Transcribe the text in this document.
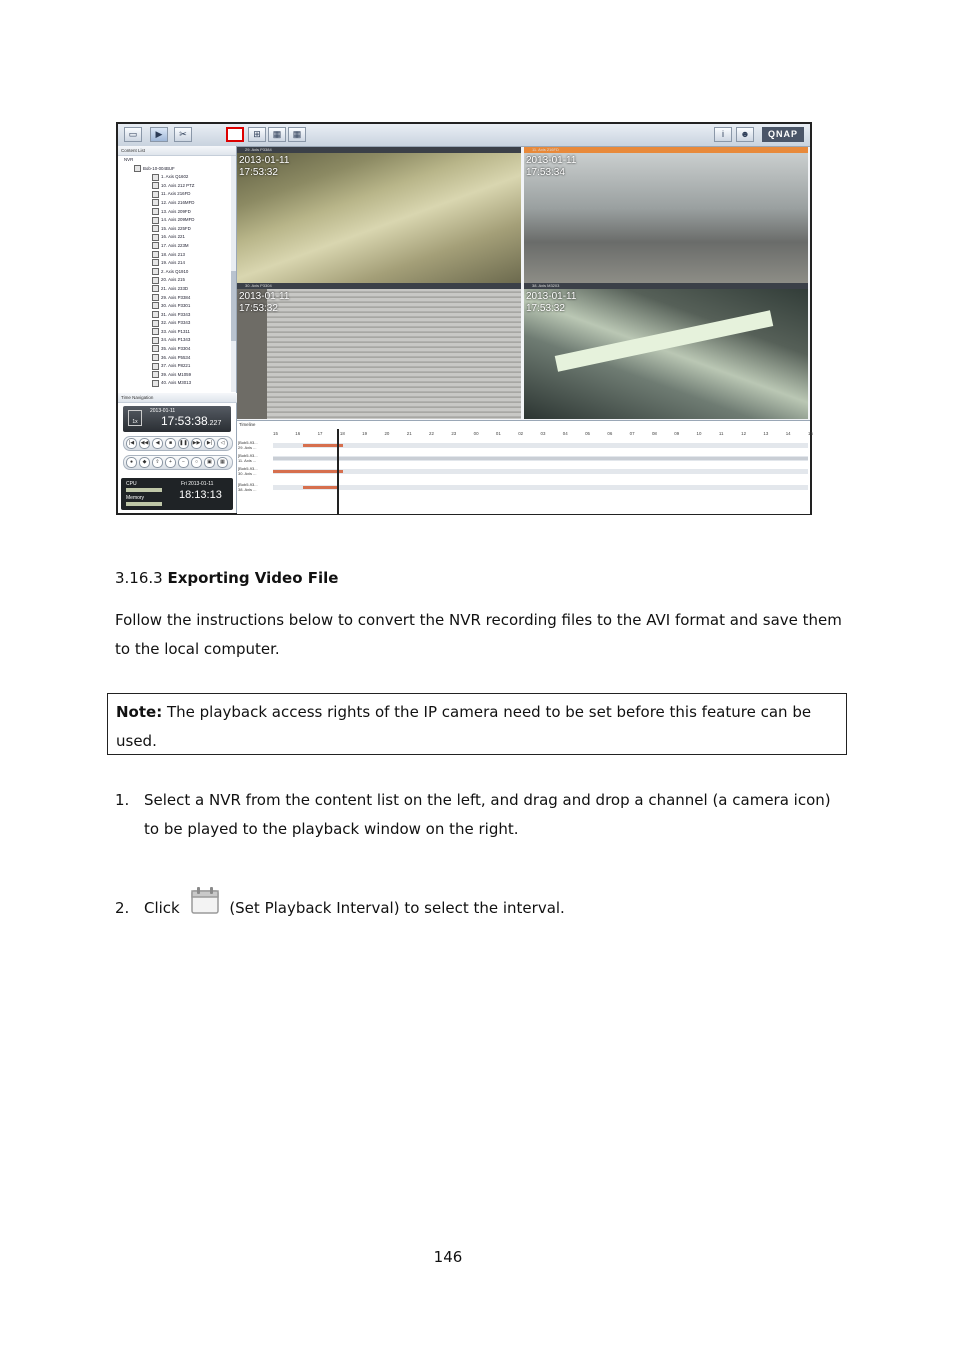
▭	▶	✂	⊞	▦	▦	i	☻	QNAP
Content List
NVR
Bob-10-004BUF
1. Axis Q1602
10. Axis 212 PTZ
11. Axis 216FD
12. Axis 216MFD
13. Axis 209FD
14. Axis 209MFD
15. Axis 225FD
16. Axis 221
17. Axis 223M
18. Axis 213
19. Axis 214
2. Axis Q1910
20. Axis 215
21. Axis 233D
29. Axis P3384
30. Axis P3301
31. Axis P3343
32. Axis P3343
33. Axis P1311
34. Axis P1343
35. Axis P3304
36. Axis P5534
37. Axis P8221
39. Axis M1059
40. Axis M3013
Time Navigation
1x
2013-01-11
17:53:38.227
|◀ ◀◀ ◀ ■ ❚❚ ▶▶ ▶| ◁
● ◆ ⇧ + − ○ ▣ ▦
CPU
Memory
Fri 2013-01-11
18:13:13
29. Axis P3384
2013-01-11
17:53:32
11. Axis 216FD
2013-01-11
17:53:34
30. Axis P3304
2013-01-11
17:53:32
38. Axis M3203
2013-01-11
17:53:32
Timeline
15	16	17	18	19	20	21	22	23	00	01	02	03	04	05	06	07	08	09	10	11	12	13	14	15
[Bob5-93...
29. Axis ...
[Bob5-93...
11. Axis ...
[Bob5-93...
30. Axis ...
[Bob5-93...
38. Axis ...
3.16.3 Exporting Video File
Follow the instructions below to convert the NVR recording files to the AVI format and save them to the local computer.
Note: The playback access rights of the IP camera need to be set before this feature can be used.
1. Select a NVR from the content list on the left, and drag and drop a channel (a camera icon) to be played to the playback window on the right.
2. Click	(Set Playback Interval) to select the interval.
146
